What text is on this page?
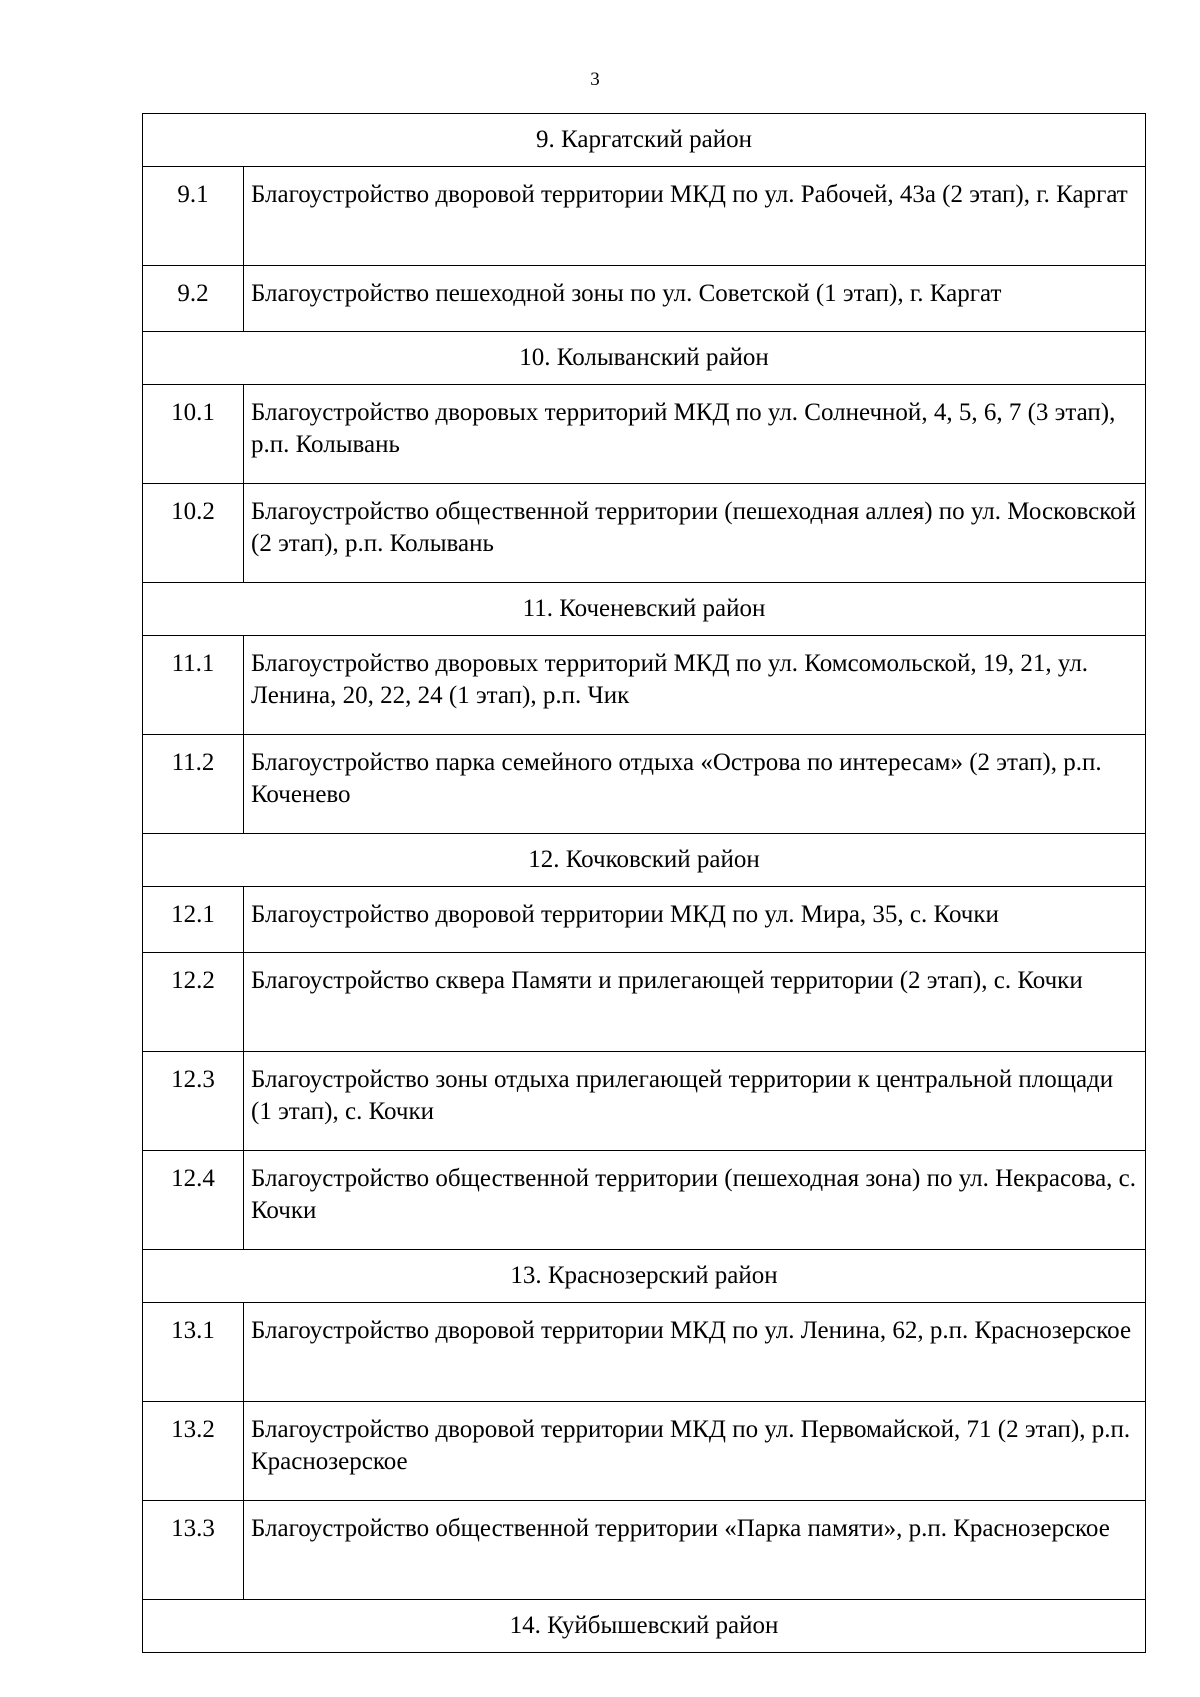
3
9. Каргатский район	
9.1	Благоустройство дворовой территории МКД по ул. Рабочей, 43а (2 этап), г. Каргат
9.2	Благоустройство пешеходной зоны по ул. Советской (1 этап), г. Каргат
10. Колыванский район	
10.1	Благоустройство дворовых территорий МКД по ул. Солнечной, 4, 5, 6, 7 (3 этап), р.п. Колывань
10.2	Благоустройство общественной территории (пешеходная аллея) по ул. Московской (2 этап), р.п. Колывань
11. Коченевский район	
11.1	Благоустройство дворовых территорий МКД по ул. Комсомольской, 19, 21, ул. Ленина, 20, 22, 24 (1 этап), р.п. Чик
11.2	Благоустройство парка семейного отдыха «Острова по интересам» (2 этап), р.п. Коченево
12. Кочковский район	
12.1	Благоустройство дворовой территории МКД по ул. Мира, 35, с. Кочки
12.2	Благоустройство сквера Памяти и прилегающей территории (2 этап), с. Кочки
12.3	Благоустройство зоны отдыха прилегающей территории к центральной площади (1 этап), с. Кочки
12.4	Благоустройство общественной территории (пешеходная зона) по ул. Некрасова, с. Кочки
13. Краснозерский район	
13.1	Благоустройство дворовой территории МКД по ул. Ленина, 62, р.п. Краснозерское
13.2	Благоустройство дворовой территории МКД по ул. Первомайской, 71 (2 этап), р.п. Краснозерское
13.3	Благоустройство общественной территории «Парка памяти», р.п. Краснозерское
14. Куйбышевский район	
